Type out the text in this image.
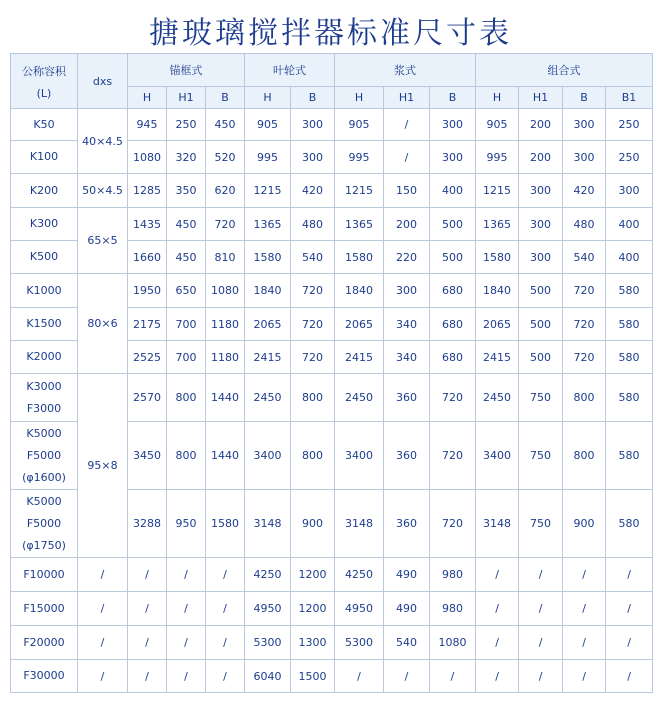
搪玻璃搅拌器标准尺寸表
公称容积
(L)	dxs	锚框式			叶轮式		浆式			组合式			
		H	H1	B	H	B	H	H1	B	H	H1	B	B1

K50	40×4.5	945	250	450	905	300	905	/	300	905	200	300	250

K100		1080	320	520	995	300	995	/	300	995	200	300	250

K200	50×4.5	1285	350	620	1215	420	1215	150	400	1215	300	420	300

K300	65×5	1435	450	720	1365	480	1365	200	500	1365	300	480	400

K500		1660	450	810	1580	540	1580	220	500	1580	300	540	400

K1000	80×6	1950	650	1080	1840	720	1840	300	680	1840	500	720	580

K1500		2175	700	1180	2065	720	2065	340	680	2065	500	720	580

K2000		2525	700	1180	2415	720	2415	340	680	2415	500	720	580

K3000
F3000	95×8	2570	800	1440	2450	800	2450	360	720	2450	750	800	580

K5000
F5000
(φ1600)		3450	800	1440	3400	800	3400	360	720	3400	750	800	580

K5000
F5000
(φ1750)		3288	950	1580	3148	900	3148	360	720	3148	750	900	580

F10000	/	/	/	/	4250	1200	4250	490	980	/	/	/	/

F15000	/	/	/	/	4950	1200	4950	490	980	/	/	/	/

F20000	/	/	/	/	5300	1300	5300	540	1080	/	/	/	/

F30000	/	/	/	/	6040	1500	/	/	/	/	/	/	/
